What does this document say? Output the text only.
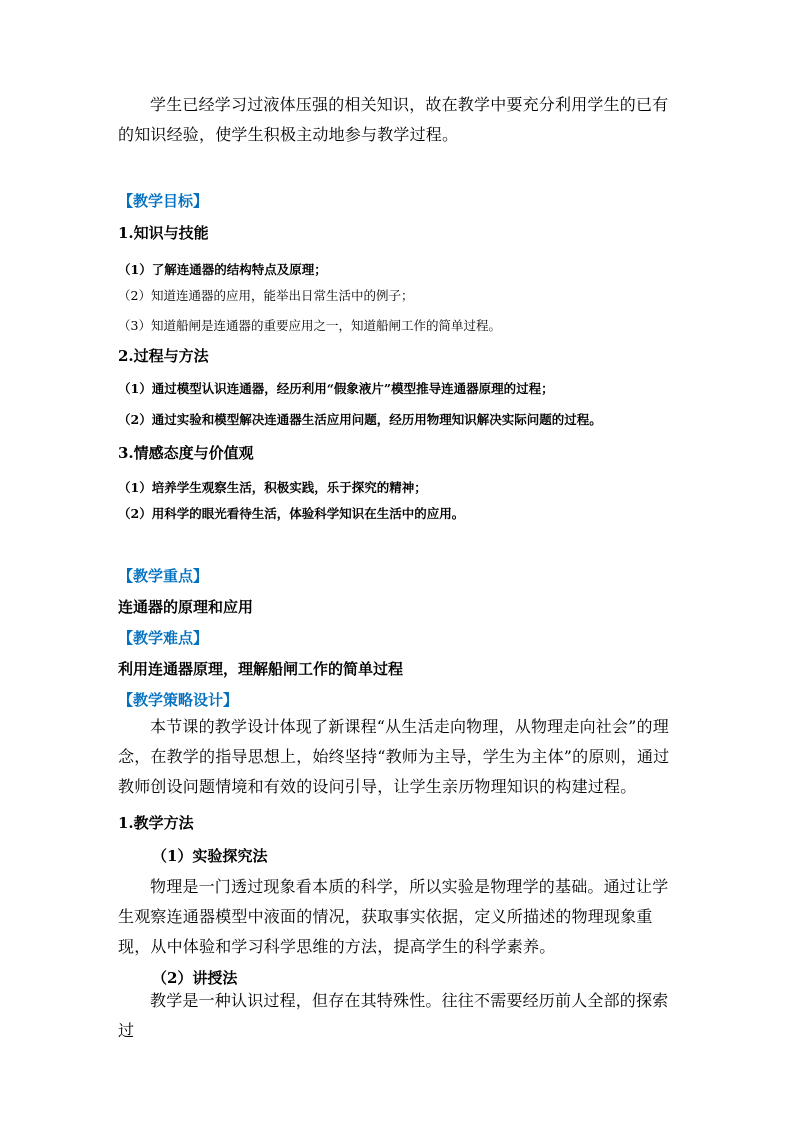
学生已经学习过液体压强的相关知识，故在教学中要充分利用学生的已有的知识经验，使学生积极主动地参与教学过程。
【教学目标】
1.知识与技能
（1）了解连通器的结构特点及原理；
（2）知道连通器的应用，能举出日常生活中的例子；
（3）知道船闸是连通器的重要应用之一，知道船闸工作的简单过程。
2.过程与方法
（1）通过模型认识连通器，经历利用“假象液片”模型推导连通器原理的过程；
（2）通过实验和模型解决连通器生活应用问题，经历用物理知识解决实际问题的过程。
3.情感态度与价值观
（1）培养学生观察生活，积极实践，乐于探究的精神；
（2）用科学的眼光看待生活，体验科学知识在生活中的应用。
【教学重点】
连通器的原理和应用
【教学难点】
利用连通器原理，理解船闸工作的简单过程
【教学策略设计】
本节课的教学设计体现了新课程“从生活走向物理，从物理走向社会”的理念，在教学的指导思想上，始终坚持“教师为主导，学生为主体”的原则，通过教师创设问题情境和有效的设问引导，让学生亲历物理知识的构建过程。
1.教学方法
（1）实验探究法
物理是一门透过现象看本质的科学，所以实验是物理学的基础。通过让学生观察连通器模型中液面的情况，获取事实依据，定义所描述的物理现象重现，从中体验和学习科学思维的方法，提高学生的科学素养。
（2）讲授法
教学是一种认识过程，但存在其特殊性。往往不需要经历前人全部的探索过
